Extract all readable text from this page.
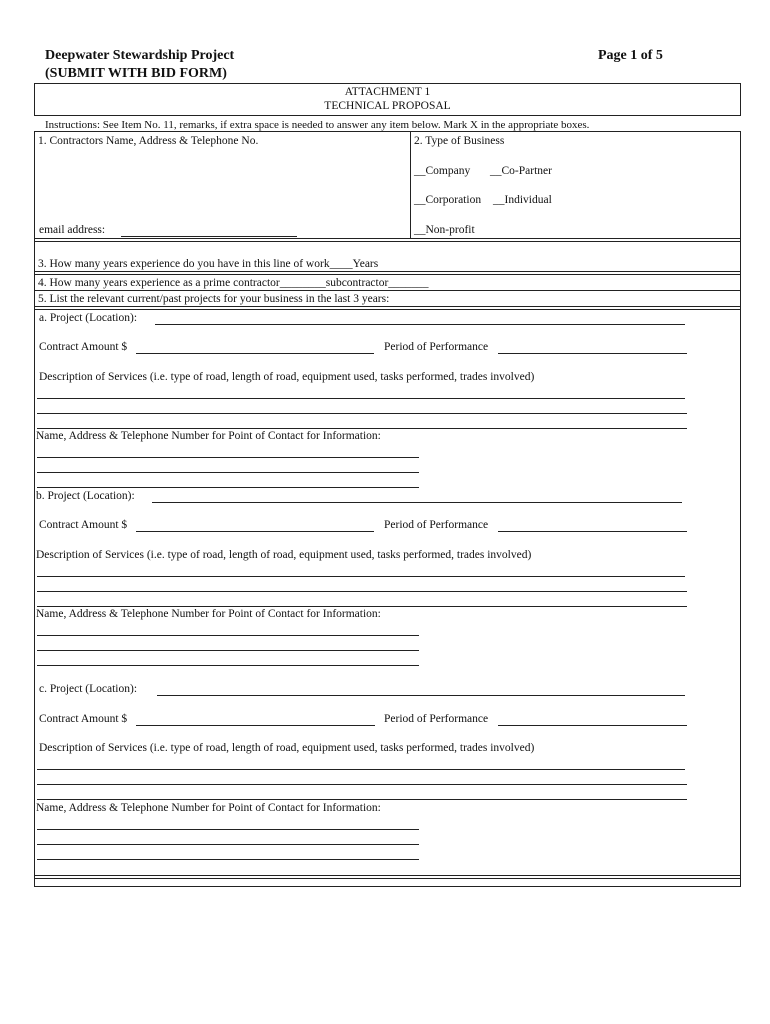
Deepwater Stewardship Project
(SUBMIT WITH BID FORM)
Page 1 of 5
ATTACHMENT 1
TECHNICAL PROPOSAL
Instructions: See Item No. 11, remarks, if extra space is needed to answer any item below. Mark X in the appropriate boxes.
1. Contractors Name, Address & Telephone No.
email address:
2. Type of Business
__Company __Co-Partner
__Corporation __Individual
__Non-profit
3. How many years experience do you have in this line of work____Years
4. How many years experience as a prime contractor________subcontractor_______
5. List the relevant current/past projects for your business in the last 3 years:
a. Project (Location):
Contract Amount $	Period of Performance
Description of Services (i.e. type of road, length of road, equipment used, tasks performed, trades involved)
Name, Address & Telephone Number for Point of Contact for Information:
b. Project (Location):
Contract Amount $	Period of Performance
Description of Services (i.e. type of road, length of road, equipment used, tasks performed, trades involved)
Name, Address & Telephone Number for Point of Contact for Information:
c. Project (Location):
Contract Amount $	Period of Performance
Description of Services (i.e. type of road, length of road, equipment used, tasks performed, trades involved)
Name, Address & Telephone Number for Point of Contact for Information:
